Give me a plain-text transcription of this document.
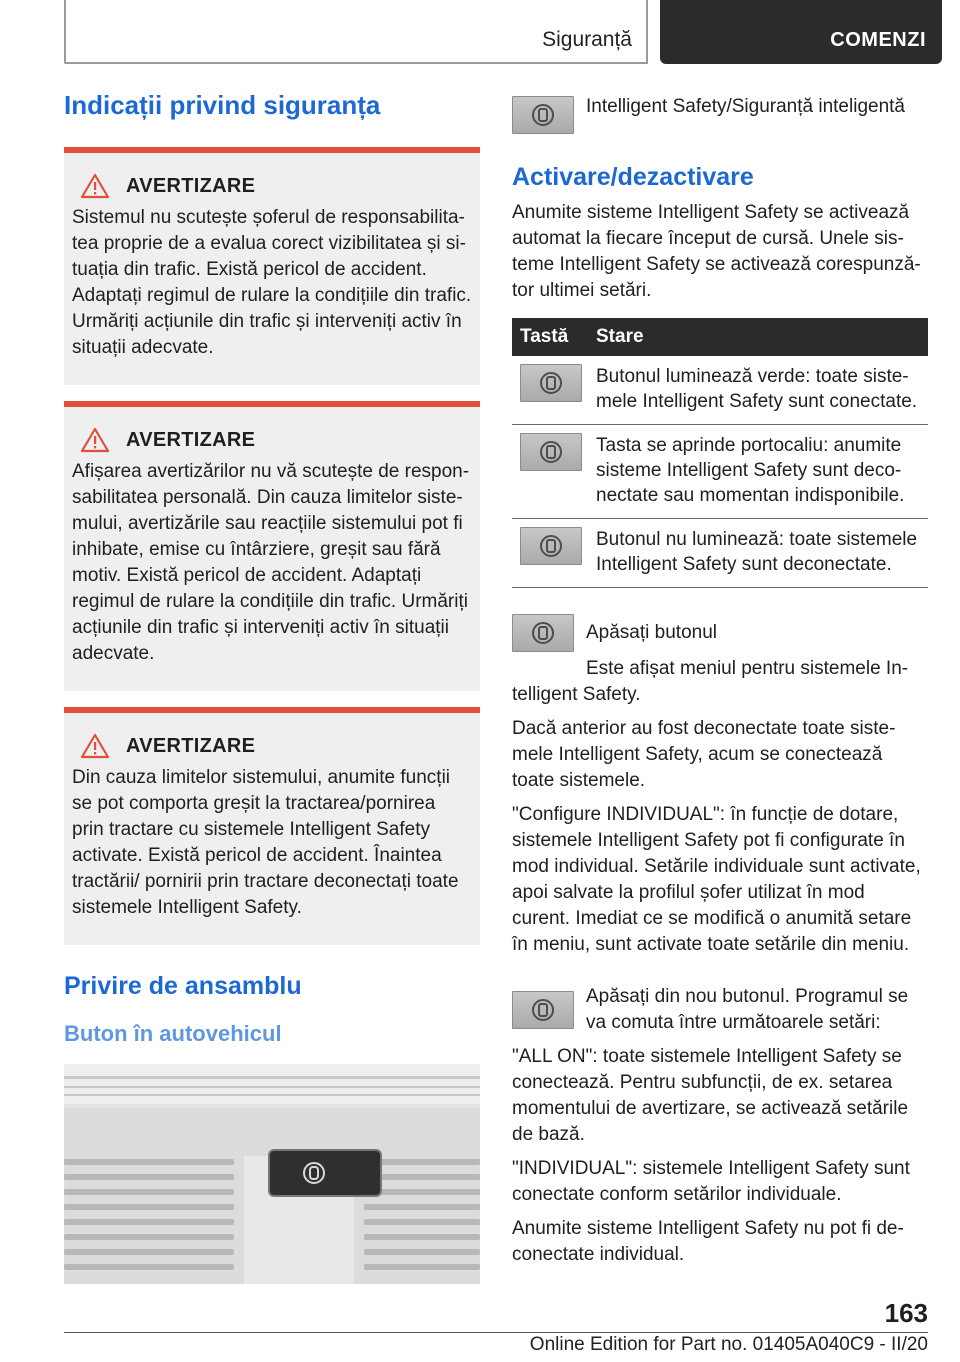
Siguranță	COMENZI
Indicații privind siguranța
AVERTIZARE
Sistemul nu scutește șoferul de responsabilitatea proprie de a evalua corect vizibilitatea și situația din trafic. Există pericol de accident. Adaptați regimul de rulare la condițiile din trafic. Urmăriți acțiunile din trafic și interveniți activ în situații adecvate.
AVERTIZARE
Afișarea avertizărilor nu vă scutește de responsabilitatea personală. Din cauza limitelor sistemului, avertizările sau reacțiile sistemului pot fi inhibate, emise cu întârziere, greșit sau fără motiv. Există pericol de accident. Adaptați regimul de rulare la condițiile din trafic. Urmăriți acțiunile din trafic și interveniți activ în situații adecvate.
AVERTIZARE
Din cauza limitelor sistemului, anumite funcții se pot comporta greșit la tractarea/pornirea prin tractare cu sistemele Intelligent Safety activate. Există pericol de accident. Înaintea tractării/ pornirii prin tractare deconectați toate sistemele Intelligent Safety.
Privire de ansamblu
Buton în autovehicul

Intelligent Safety/Siguranță inteligentă

Activare/dezactivare

Anumite sisteme Intelligent Safety se activează automat la fiecare început de cursă. Unele sisteme Intelligent Safety se activează corespunzător ultimei setări.

Tastă	Stare

	Butonul luminează verde: toate sistemele Intelligent Safety sunt conectate.

	Tasta se aprinde portocaliu: anumite sisteme Intelligent Safety sunt deconectate sau momentan indisponibile.

	Butonul nu luminează: toate sistemele Intelligent Safety sunt deconectate.

Apăsați butonul

Este afișat meniul pentru sistemele Intelligent Safety.

Dacă anterior au fost deconectate toate sistemele Intelligent Safety, acum se conectează toate sistemele.

"Configure INDIVIDUAL": în funcție de dotare, sistemele Intelligent Safety pot fi configurate în mod individual. Setările individuale sunt activate, apoi salvate la profilul șofer utilizat în mod curent. Imediat ce se modifică o anumită setare în meniu, sunt activate toate setările din meniu.

Apăsați din nou butonul. Programul se va comuta între următoarele setări:

"ALL ON": toate sistemele Intelligent Safety se conectează. Pentru subfuncții, de ex. setarea momentului de avertizare, se activează setările de bază.

"INDIVIDUAL": sistemele Intelligent Safety sunt conectate conform setărilor individuale.

Anumite sisteme Intelligent Safety nu pot fi deconectate individual.

163
Online Edition for Part no. 01405A040C9 - II/20
